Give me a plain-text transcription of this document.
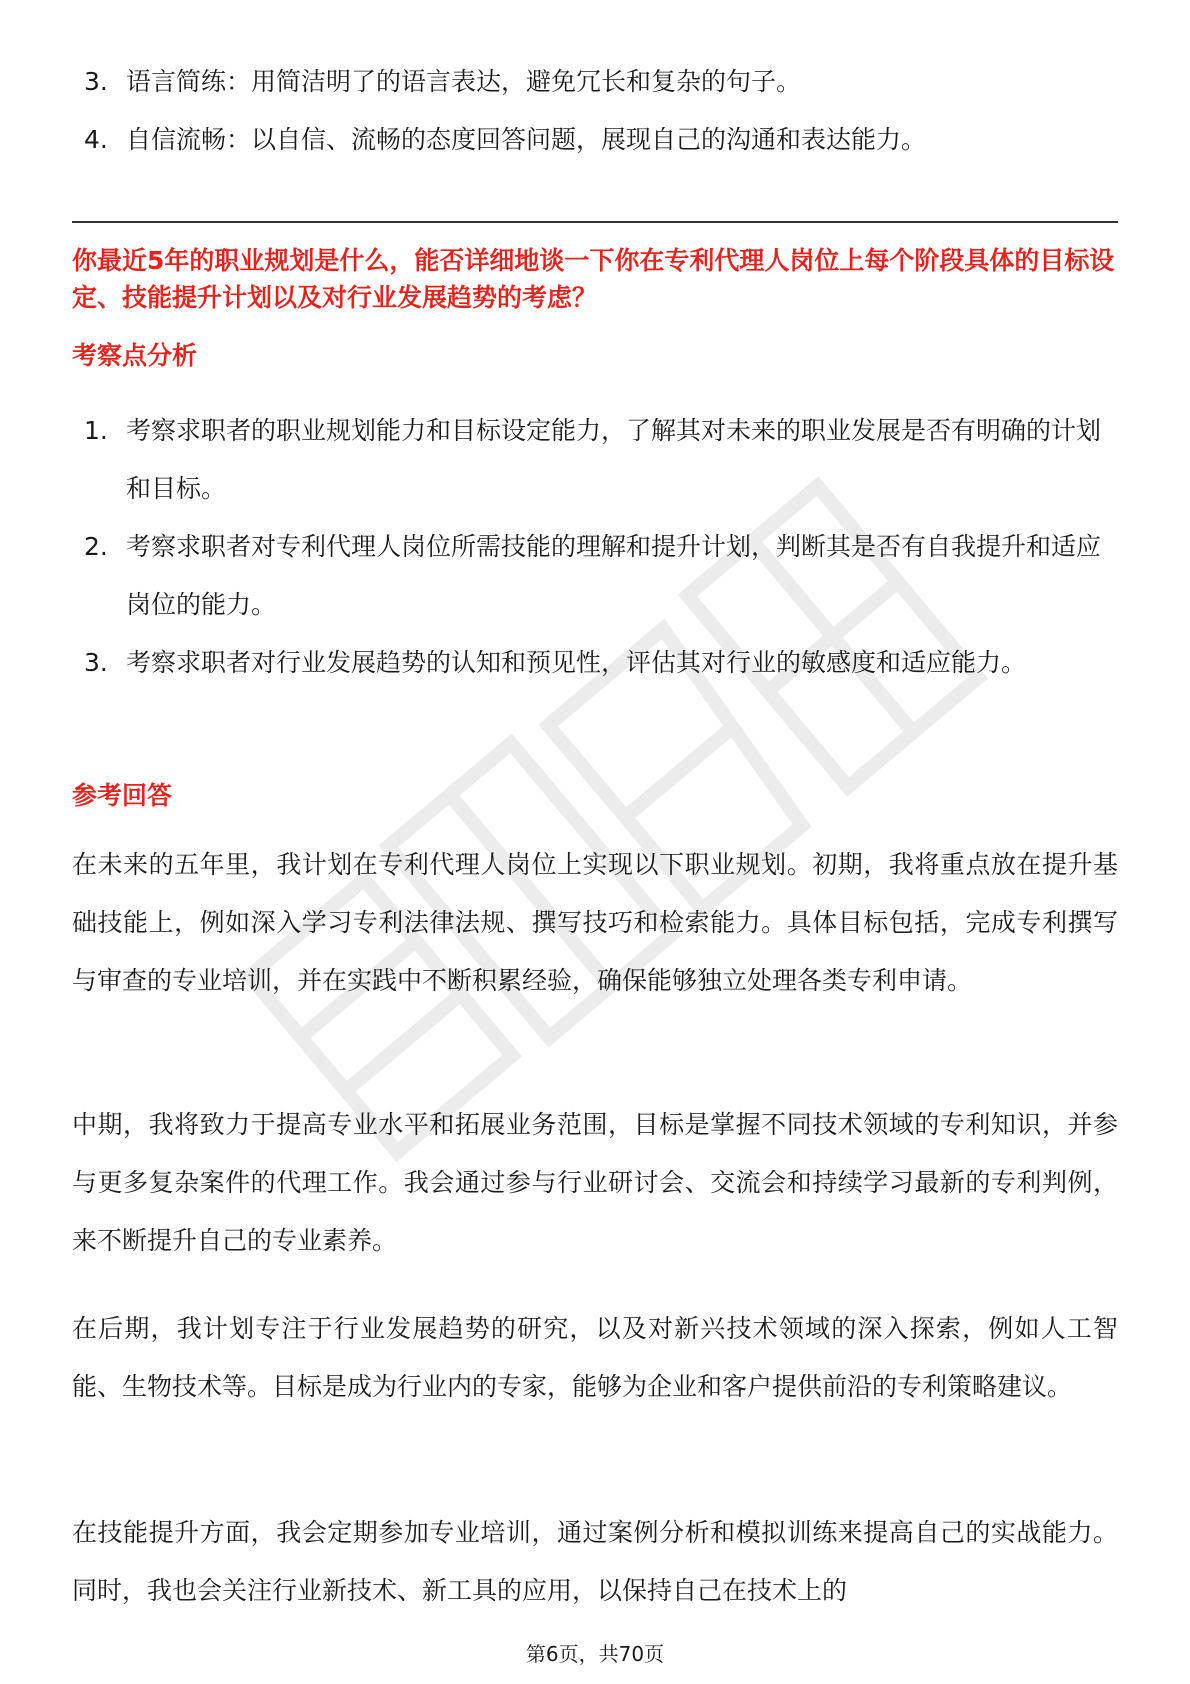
3. 语言简练：用简洁明了的语言表达，避免冗长和复杂的句子。
4. 自信流畅：以自信、流畅的态度回答问题，展现自己的沟通和表达能力。
你最近5年的职业规划是什么，能否详细地谈一下你在专利代理人岗位上每个阶段具体的目标设定、技能提升计划以及对行业发展趋势的考虑？
考察点分析
1. 考察求职者的职业规划能力和目标设定能力，了解其对未来的职业发展是否有明确的计划和目标。
2. 考察求职者对专利代理人岗位所需技能的理解和提升计划，判断其是否有自我提升和适应岗位的能力。
3. 考察求职者对行业发展趋势的认知和预见性，评估其对行业的敏感度和适应能力。
参考回答

在未来的五年里，我计划在专利代理人岗位上实现以下职业规划。初期，我将重点放在提升基础技能上，例如深入学习专利法律法规、撰写技巧和检索能力。具体目标包括，完成专利撰写与审查的专业培训，并在实践中不断积累经验，确保能够独立处理各类专利申请。

中期，我将致力于提高专业水平和拓展业务范围，目标是掌握不同技术领域的专利知识，并参与更多复杂案件的代理工作。我会通过参与行业研讨会、交流会和持续学习最新的专利判例，来不断提升自己的专业素养。

在后期，我计划专注于行业发展趋势的研究，以及对新兴技术领域的深入探索，例如人工智能、生物技术等。目标是成为行业内的专家，能够为企业和客户提供前沿的专利策略建议。

在技能提升方面，我会定期参加专业培训，通过案例分析和模拟训练来提高自己的实战能力。同时，我也会关注行业新技术、新工具的应用，以保持自己在技术上的

第6页，共70页
